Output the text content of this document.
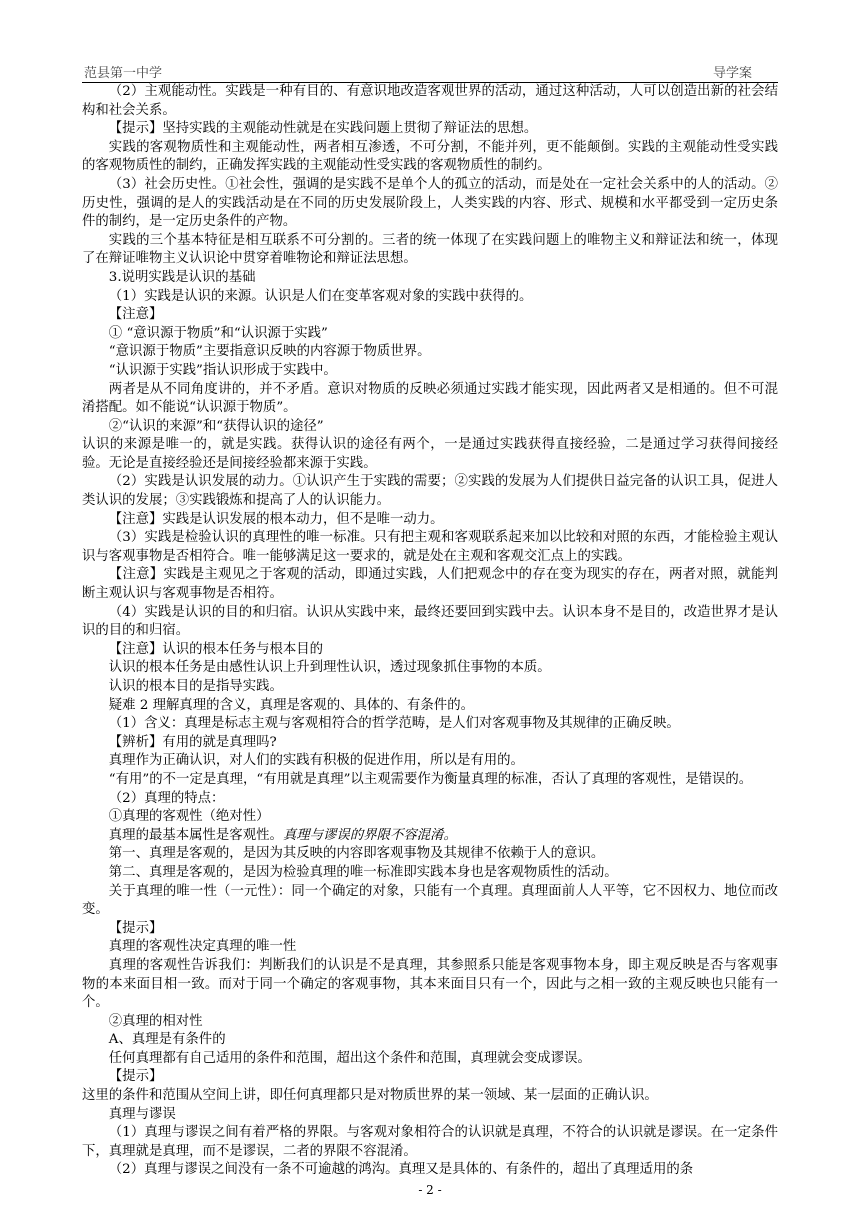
范县第一中学	导学案

（2）主观能动性。实践是一种有目的、有意识地改造客观世界的活动，通过这种活动，人可以创造出新的社会结构和社会关系。

【提示】坚持实践的主观能动性就是在实践问题上贯彻了辩证法的思想。

实践的客观物质性和主观能动性，两者相互渗透，不可分割，不能并列，更不能颠倒。实践的主观能动性受实践的客观物质性的制约，正确发挥实践的主观能动性受实践的客观物质性的制约。

（3）社会历史性。①社会性，强调的是实践不是单个人的孤立的活动，而是处在一定社会关系中的人的活动。②历史性，强调的是人的实践活动是在不同的历史发展阶段上，人类实践的内容、形式、规模和水平都受到一定历史条件的制约，是一定历史条件的产物。

实践的三个基本特征是相互联系不可分割的。三者的统一体现了在实践问题上的唯物主义和辩证法和统一，体现了在辩证唯物主义认识论中贯穿着唯物论和辩证法思想。

3.说明实践是认识的基础

（1）实践是认识的来源。认识是人们在变革客观对象的实践中获得的。

【注意】

① “意识源于物质”和“认识源于实践”

“意识源于物质”主要指意识反映的内容源于物质世界。

“认识源于实践”指认识形成于实践中。

两者是从不同角度讲的，并不矛盾。意识对物质的反映必须通过实践才能实现，因此两者又是相通的。但不可混淆搭配。如不能说“认识源于物质”。

②“认识的来源”和“获得认识的途径”

认识的来源是唯一的，就是实践。获得认识的途径有两个，一是通过实践获得直接经验，二是通过学习获得间接经验。无论是直接经验还是间接经验都来源于实践。

（2）实践是认识发展的动力。①认识产生于实践的需要；②实践的发展为人们提供日益完备的认识工具，促进人类认识的发展；③实践锻炼和提高了人的认识能力。

【注意】实践是认识发展的根本动力，但不是唯一动力。

（3）实践是检验认识的真理性的唯一标准。只有把主观和客观联系起来加以比较和对照的东西，才能检验主观认识与客观事物是否相符合。唯一能够满足这一要求的，就是处在主观和客观交汇点上的实践。

【注意】实践是主观见之于客观的活动，即通过实践，人们把观念中的存在变为现实的存在，两者对照，就能判断主观认识与客观事物是否相符。

（4）实践是认识的目的和归宿。认识从实践中来，最终还要回到实践中去。认识本身不是目的，改造世界才是认识的目的和归宿。

【注意】认识的根本任务与根本目的

认识的根本任务是由感性认识上升到理性认识，透过现象抓住事物的本质。

认识的根本目的是指导实践。

疑难 2 理解真理的含义，真理是客观的、具体的、有条件的。

（1）含义：真理是标志主观与客观相符合的哲学范畴，是人们对客观事物及其规律的正确反映。

【辨析】有用的就是真理吗?

真理作为正确认识，对人们的实践有积极的促进作用，所以是有用的。

“有用”的不一定是真理，“有用就是真理”以主观需要作为衡量真理的标准，否认了真理的客观性，是错误的。

（2）真理的特点：

①真理的客观性（绝对性）

真理的最基本属性是客观性。真理与谬误的界限不容混淆。

第一、真理是客观的，是因为其反映的内容即客观事物及其规律不依赖于人的意识。

第二、真理是客观的，是因为检验真理的唯一标准即实践本身也是客观物质性的活动。

关于真理的唯一性（一元性）：同一个确定的对象，只能有一个真理。真理面前人人平等，它不因权力、地位而改变。

【提示】

真理的客观性决定真理的唯一性

真理的客观性告诉我们：判断我们的认识是不是真理，其参照系只能是客观事物本身，即主观反映是否与客观事物的本来面目相一致。而对于同一个确定的客观事物，其本来面目只有一个，因此与之相一致的主观反映也只能有一个。

②真理的相对性

A、真理是有条件的

任何真理都有自己适用的条件和范围，超出这个条件和范围，真理就会变成谬误。

【提示】

这里的条件和范围从空间上讲，即任何真理都只是对物质世界的某一领域、某一层面的正确认识。

真理与谬误

（1）真理与谬误之间有着严格的界限。与客观对象相符合的认识就是真理，不符合的认识就是谬误。在一定条件下，真理就是真理，而不是谬误，二者的界限不容混淆。

（2）真理与谬误之间没有一条不可逾越的鸿沟。真理又是具体的、有条件的，超出了真理适用的条

- 2 -
